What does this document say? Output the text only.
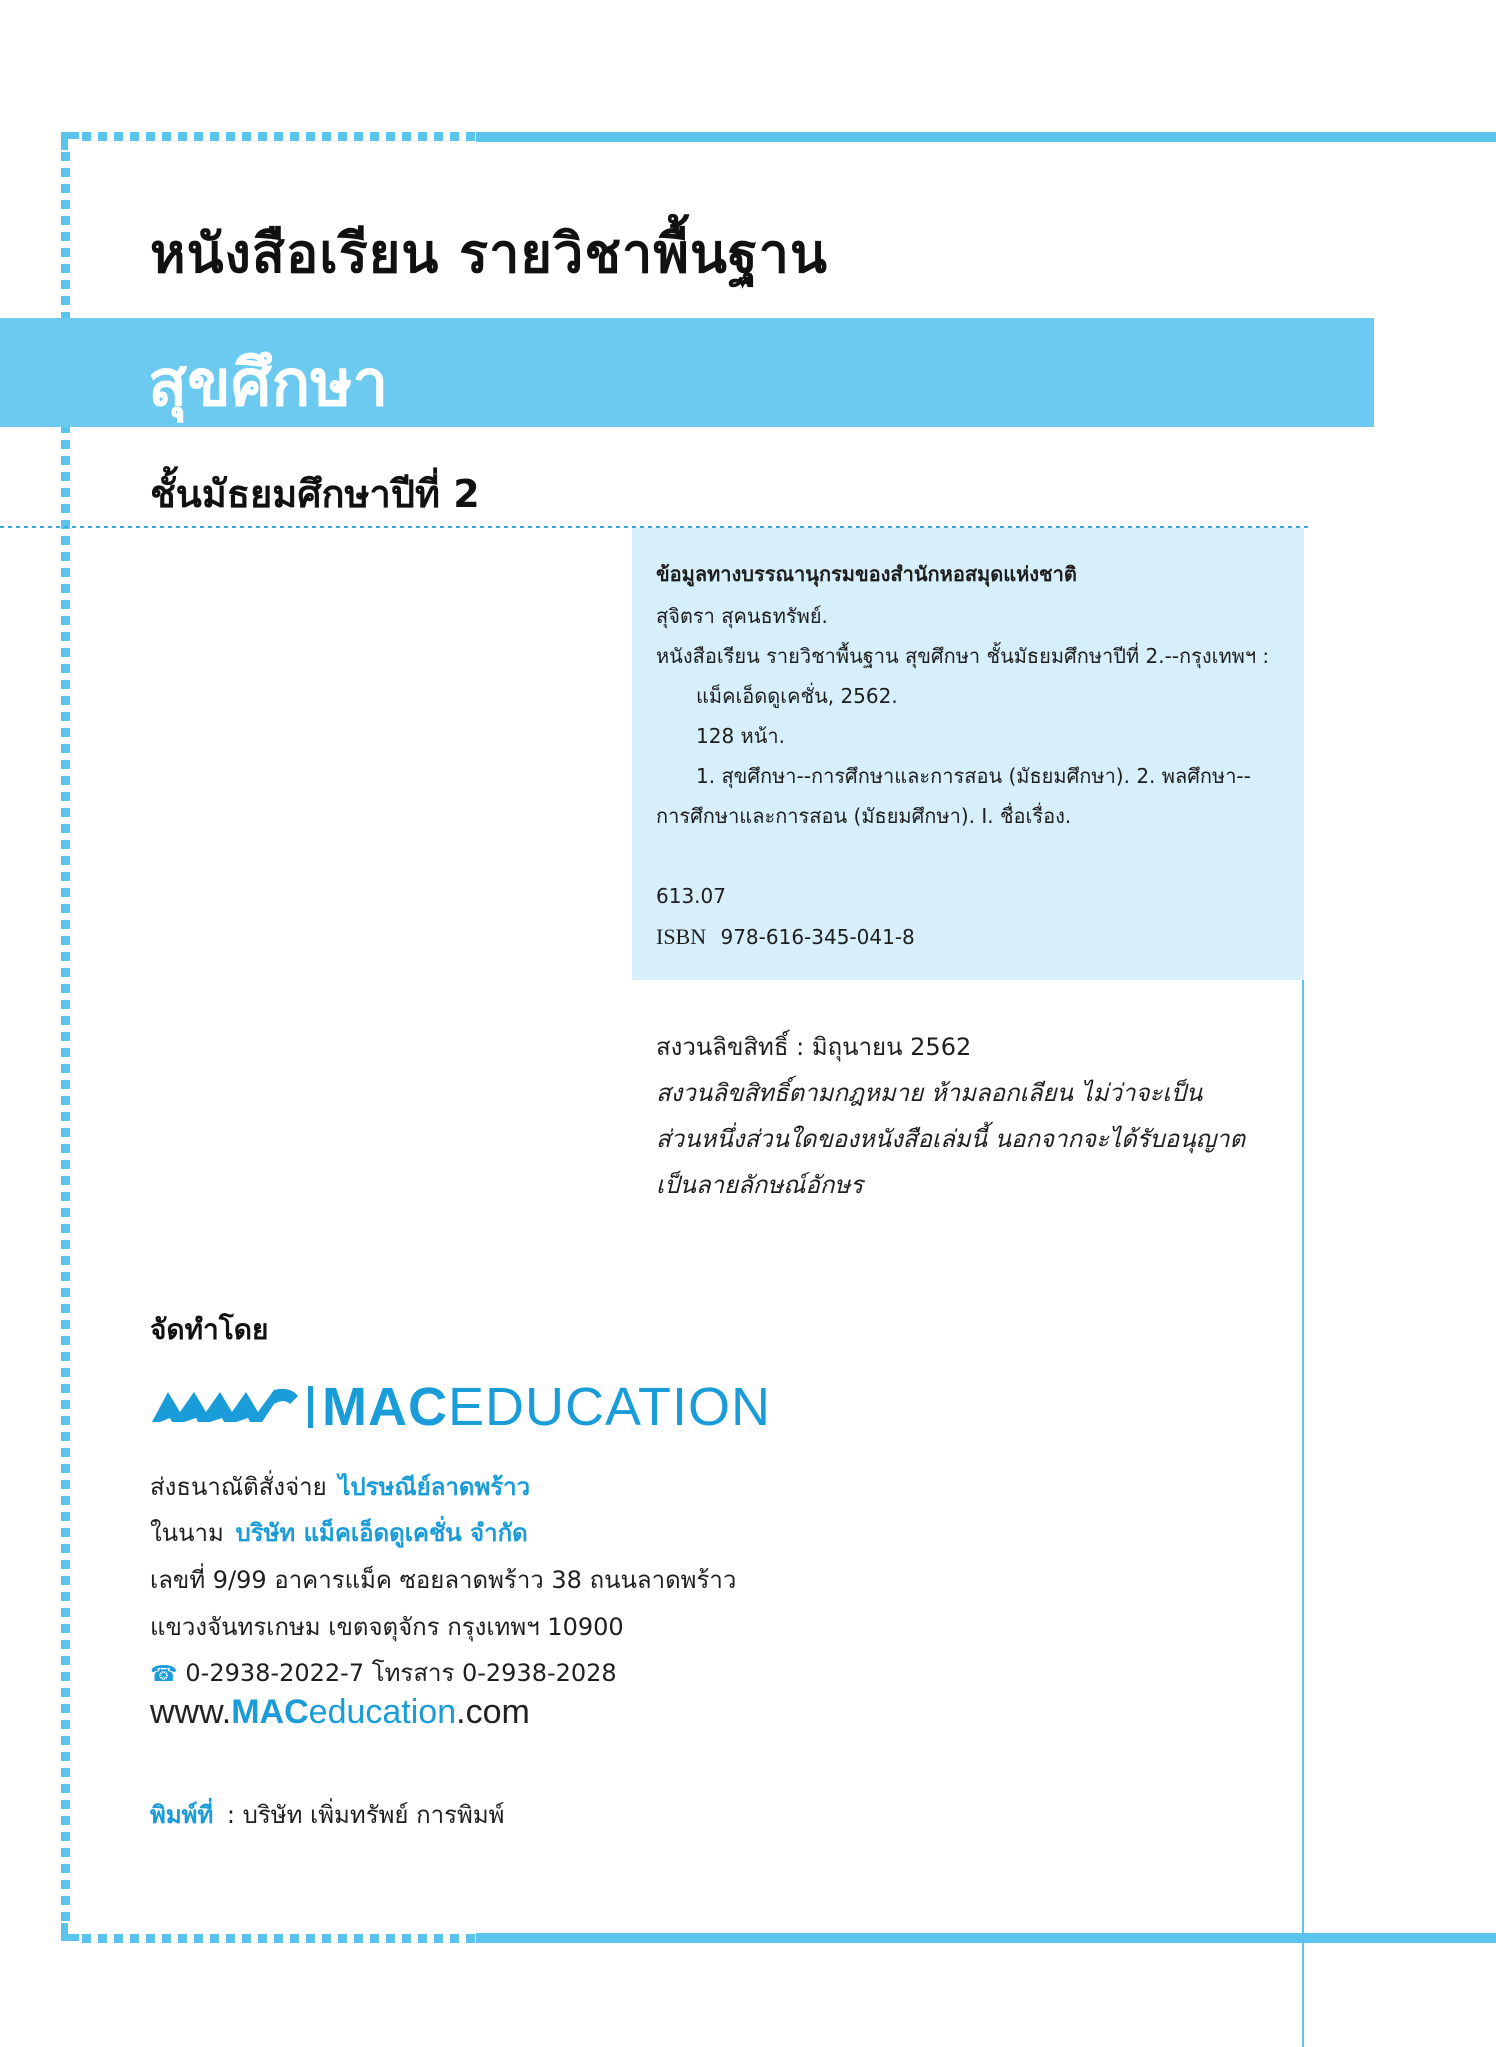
หนังสือเรียน รายวิชาพื้นฐาน
สุขศึกษา
ชั้นมัธยมศึกษาปีที่ 2
ข้อมูลทางบรรณานุกรมของสำนักหอสมุดแห่งชาติ
สุจิตรา สุคนธทรัพย์.
หนังสือเรียน รายวิชาพื้นฐาน สุขศึกษา ชั้นมัธยมศึกษาปีที่ 2.--กรุงเทพฯ :
แม็คเอ็ดดูเคชั่น, 2562.
128 หน้า.
1. สุขศึกษา--การศึกษาและการสอน (มัธยมศึกษา). 2. พลศึกษา--
การศึกษาและการสอน (มัธยมศึกษา). I. ชื่อเรื่อง.
613.07
ISBN 978-616-345-041-8
สงวนลิขสิทธิ์ : มิถุนายน 2562
สงวนลิขสิทธิ์ตามกฎหมาย ห้ามลอกเลียน ไม่ว่าจะเป็น
ส่วนหนึ่งส่วนใดของหนังสือเล่มนี้ นอกจากจะได้รับอนุญาต
เป็นลายลักษณ์อักษร
จัดทำโดย
MACEDUCATION
ส่งธนาณัติสั่งจ่าย ไปรษณีย์ลาดพร้าว
ในนาม บริษัท แม็คเอ็ดดูเคชั่น จำกัด
เลขที่ 9/99 อาคารแม็ค ซอยลาดพร้าว 38 ถนนลาดพร้าว
แขวงจันทรเกษม เขตจตุจักร กรุงเทพฯ 10900
☎ 0-2938-2022-7 โทรสาร 0-2938-2028
www.MACeducation.com
พิมพ์ที่ : บริษัท เพิ่มทรัพย์ การพิมพ์
